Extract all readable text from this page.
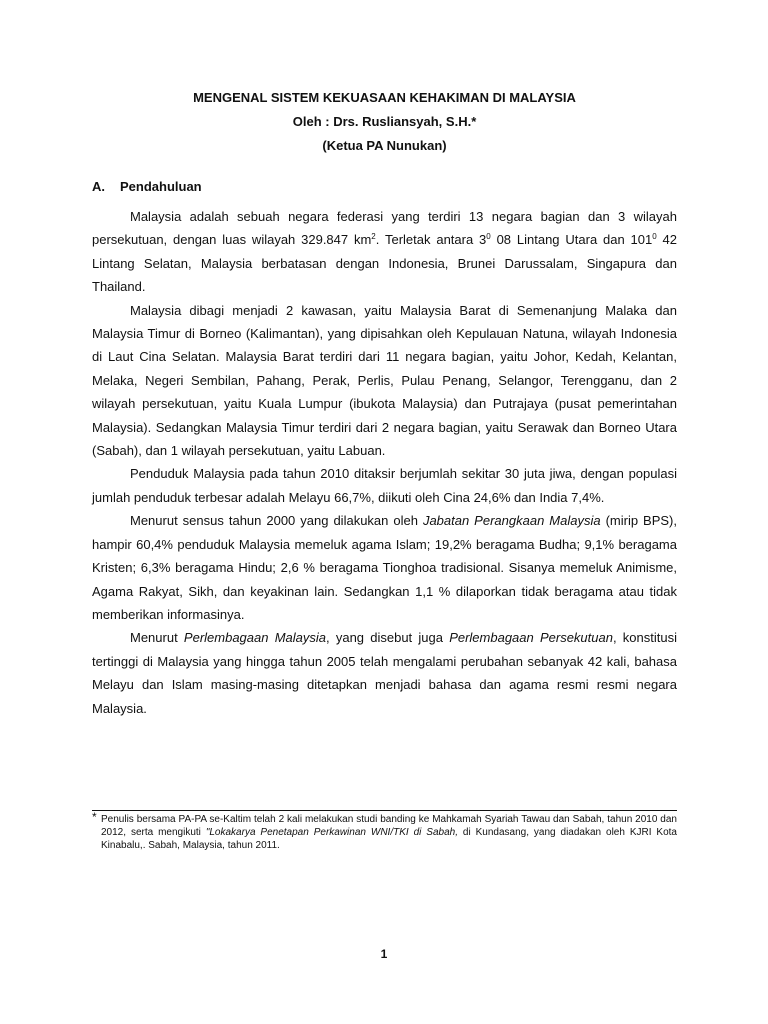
MENGENAL SISTEM KEKUASAAN KEHAKIMAN DI MALAYSIA
Oleh : Drs. Rusliansyah, S.H.*
(Ketua PA Nunukan)
A. Pendahuluan

Malaysia adalah sebuah negara federasi yang terdiri 13 negara bagian dan 3 wilayah persekutuan, dengan luas wilayah 329.847 $km^2$. Terletak antara $3^0$ 08 Lintang Utara dan $101^0$ 42 Lintang Selatan, Malaysia berbatasan dengan Indonesia, Brunei Darussalam, Singapura dan Thailand.

Malaysia dibagi menjadi 2 kawasan, yaitu Malaysia Barat di Semenanjung Malaka dan Malaysia Timur di Borneo (Kalimantan), yang dipisahkan oleh Kepulauan Natuna, wilayah Indonesia di Laut Cina Selatan. Malaysia Barat terdiri dari 11 negara bagian, yaitu Johor, Kedah, Kelantan, Melaka, Negeri Sembilan, Pahang, Perak, Perlis, Pulau Penang, Selangor, Terengganu, dan 2 wilayah persekutuan, yaitu Kuala Lumpur (ibukota Malaysia) dan Putrajaya (pusat pemerintahan Malaysia). Sedangkan Malaysia Timur terdiri dari 2 negara bagian, yaitu Serawak dan Borneo Utara (Sabah), dan 1 wilayah persekutuan, yaitu Labuan.

Penduduk Malaysia pada tahun 2010 ditaksir berjumlah sekitar 30 juta jiwa, dengan populasi jumlah penduduk terbesar adalah Melayu 66,7%, diikuti oleh Cina 24,6% dan India 7,4%.

Menurut sensus tahun 2000 yang dilakukan oleh Jabatan Perangkaan Malaysia (mirip BPS), hampir 60,4% penduduk Malaysia memeluk agama Islam; 19,2% beragama Budha; 9,1% beragama Kristen; 6,3% beragama Hindu; 2,6 % beragama Tionghoa tradisional. Sisanya memeluk Animisme, Agama Rakyat, Sikh, dan keyakinan lain. Sedangkan 1,1 % dilaporkan tidak beragama atau tidak memberikan informasinya.

Menurut Perlembagaan Malaysia, yang disebut juga Perlembagaan Persekutuan, konstitusi tertinggi di Malaysia yang hingga tahun 2005 telah mengalami perubahan sebanyak 42 kali, bahasa Melayu dan Islam masing-masing ditetapkan menjadi bahasa dan agama resmi resmi negara Malaysia.

* Penulis bersama PA-PA se-Kaltim telah 2 kali melakukan studi banding ke Mahkamah Syariah Tawau dan Sabah, tahun 2010 dan 2012, serta mengikuti "Lokakarya Penetapan Perkawinan WNI/TKI di Sabah, di Kundasang, yang diadakan oleh KJRI Kota Kinabalu,. Sabah, Malaysia, tahun 2011.
1
